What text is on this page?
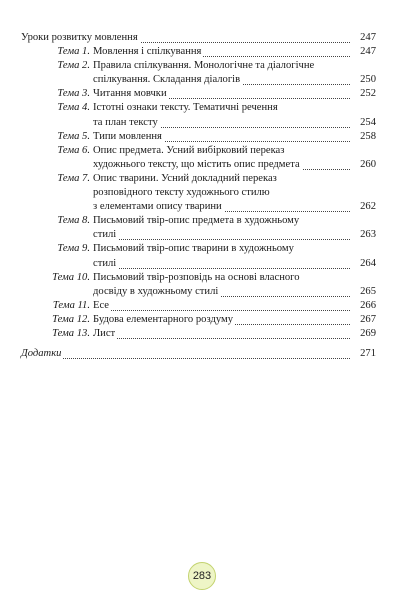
Уроки розвитку мовлення	247
Тема 1. Мовлення і спілкування	247
Тема 2. Правила спілкування. Монологічне та діалогічне
спілкування. Складання діалогів	250
Тема 3. Читання мовчки	252
Тема 4. Істотні ознаки тексту. Тематичні речення
та план тексту	254
Тема 5. Типи мовлення	258
Тема 6. Опис предмета. Усний вибірковий переказ
художнього тексту, що містить опис предмета	260
Тема 7. Опис тварини. Усний докладний переказ
розповідного тексту художнього стилю
з елементами опису тварини	262
Тема 8. Письмовий твір-опис предмета в художньому
стилі	263
Тема 9. Письмовий твір-опис тварини в художньому
стилі	264
Тема 10. Письмовий твір-розповідь на основі власного
досвіду в художньому стилі	265
Тема 11. Есе	266
Тема 12. Будова елементарного роздуму	267
Тема 13. Лист	269
Додатки	271
283
